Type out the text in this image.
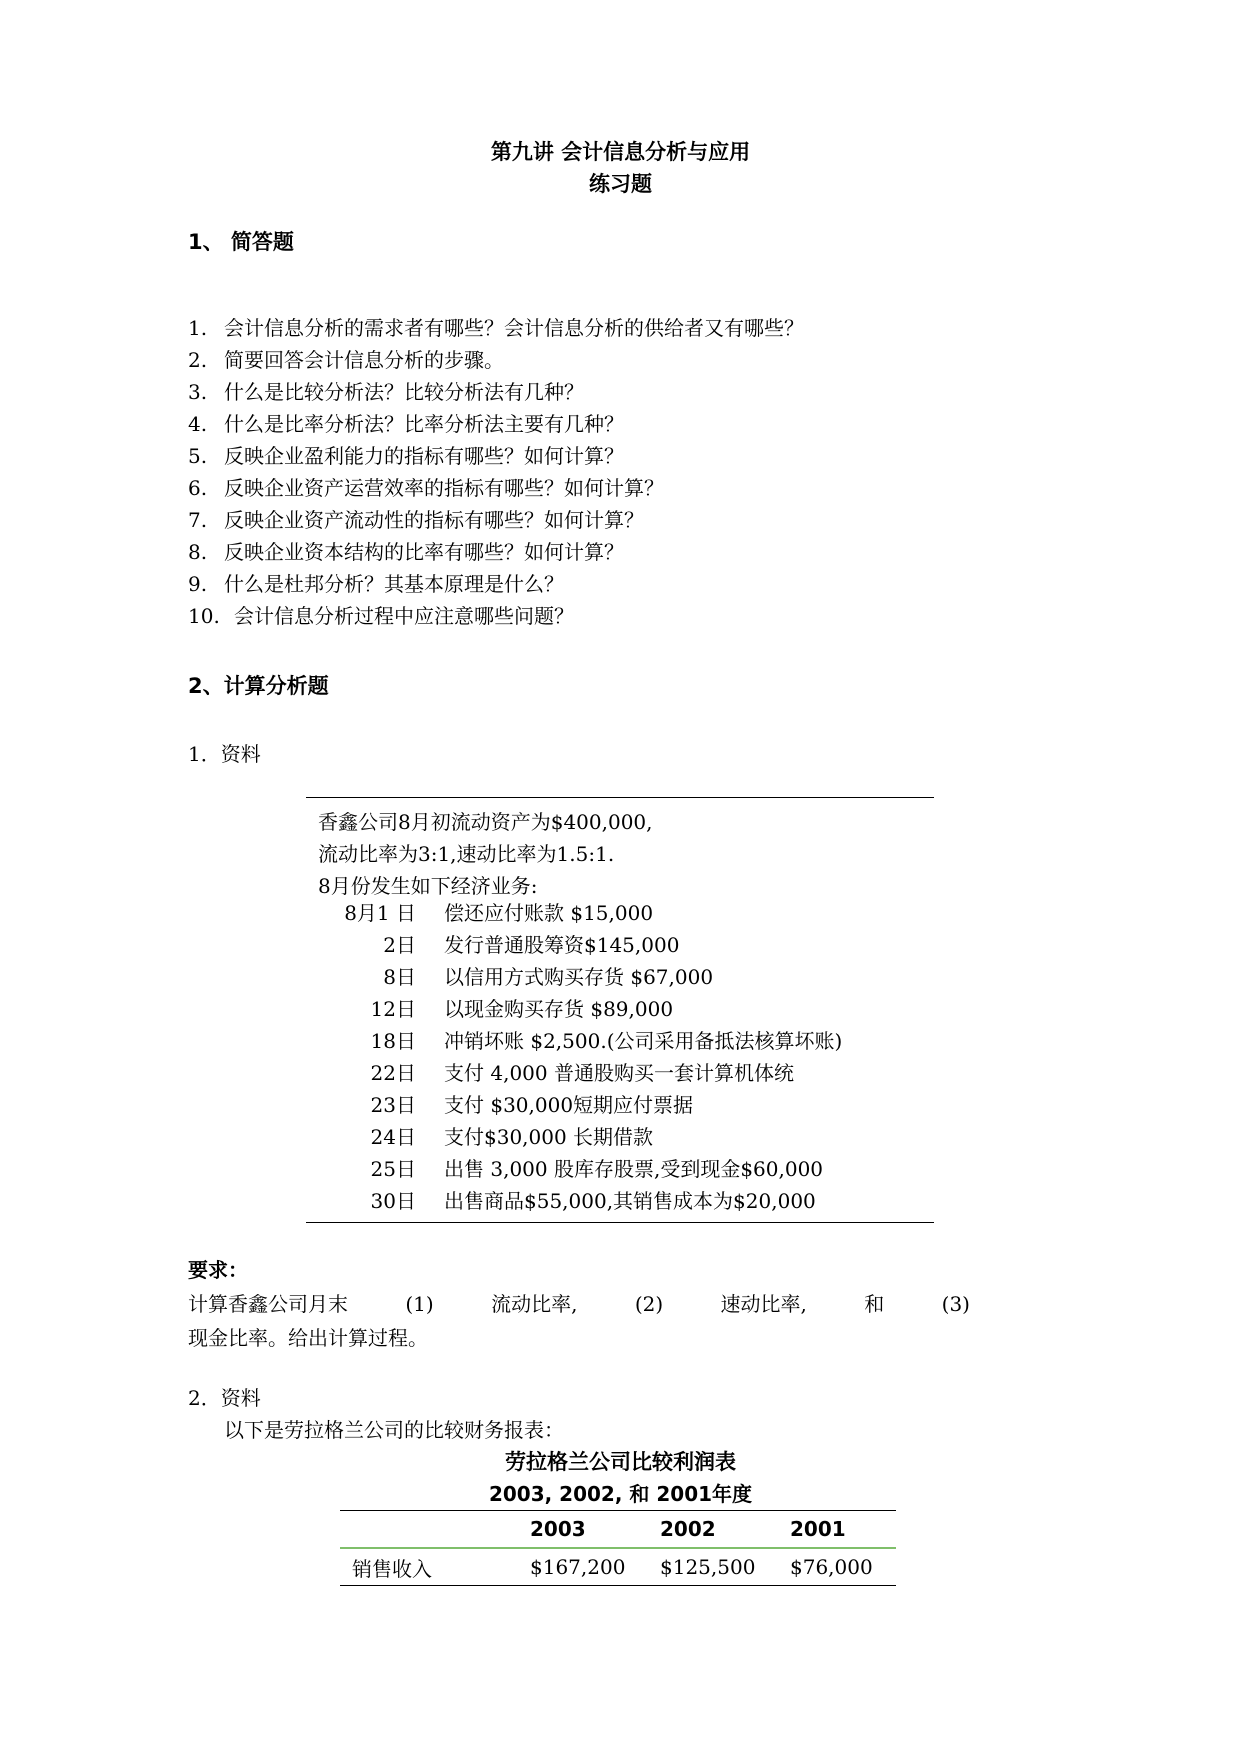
第九讲 会计信息分析与应用
练习题
1、 简答题
1. 会计信息分析的需求者有哪些？会计信息分析的供给者又有哪些？
2. 简要回答会计信息分析的步骤。
3. 什么是比较分析法？比较分析法有几种？
4. 什么是比率分析法？比率分析法主要有几种？
5. 反映企业盈利能力的指标有哪些？如何计算？
6. 反映企业资产运营效率的指标有哪些？如何计算？
7. 反映企业资产流动性的指标有哪些？如何计算？
8. 反映企业资本结构的比率有哪些？如何计算？
9. 什么是杜邦分析？其基本原理是什么？
10. 会计信息分析过程中应注意哪些问题？
2、计算分析题
1．资料
香鑫公司8月初流动资产为$400,000,
流动比率为3:1,速动比率为1.5:1.
8月份发生如下经济业务:
8月1 日 偿还应付账款 $15,000
2日 发行普通股筹资$145,000
8日 以信用方式购买存货 $67,000
12日 以现金购买存货 $89,000
18日 冲销坏账 $2,500.(公司采用备抵法核算坏账)
22日 支付 4,000 普通股购买一套计算机体统
23日 支付 $30,000短期应付票据
24日 支付$30,000 长期借款
25日 出售 3,000 股库存股票,受到现金$60,000
30日 出售商品$55,000,其销售成本为$20,000
要求：
计算香鑫公司月末	(1)	流动比率,	(2)	速动比率,	和	(3)
现金比率。给出计算过程。
2．资料
以下是劳拉格兰公司的比较财务报表：
劳拉格兰公司比较利润表
2003, 2002, 和 2001年度
	2003	2002	2001
销售收入	$167,200	$125,500	$76,000
